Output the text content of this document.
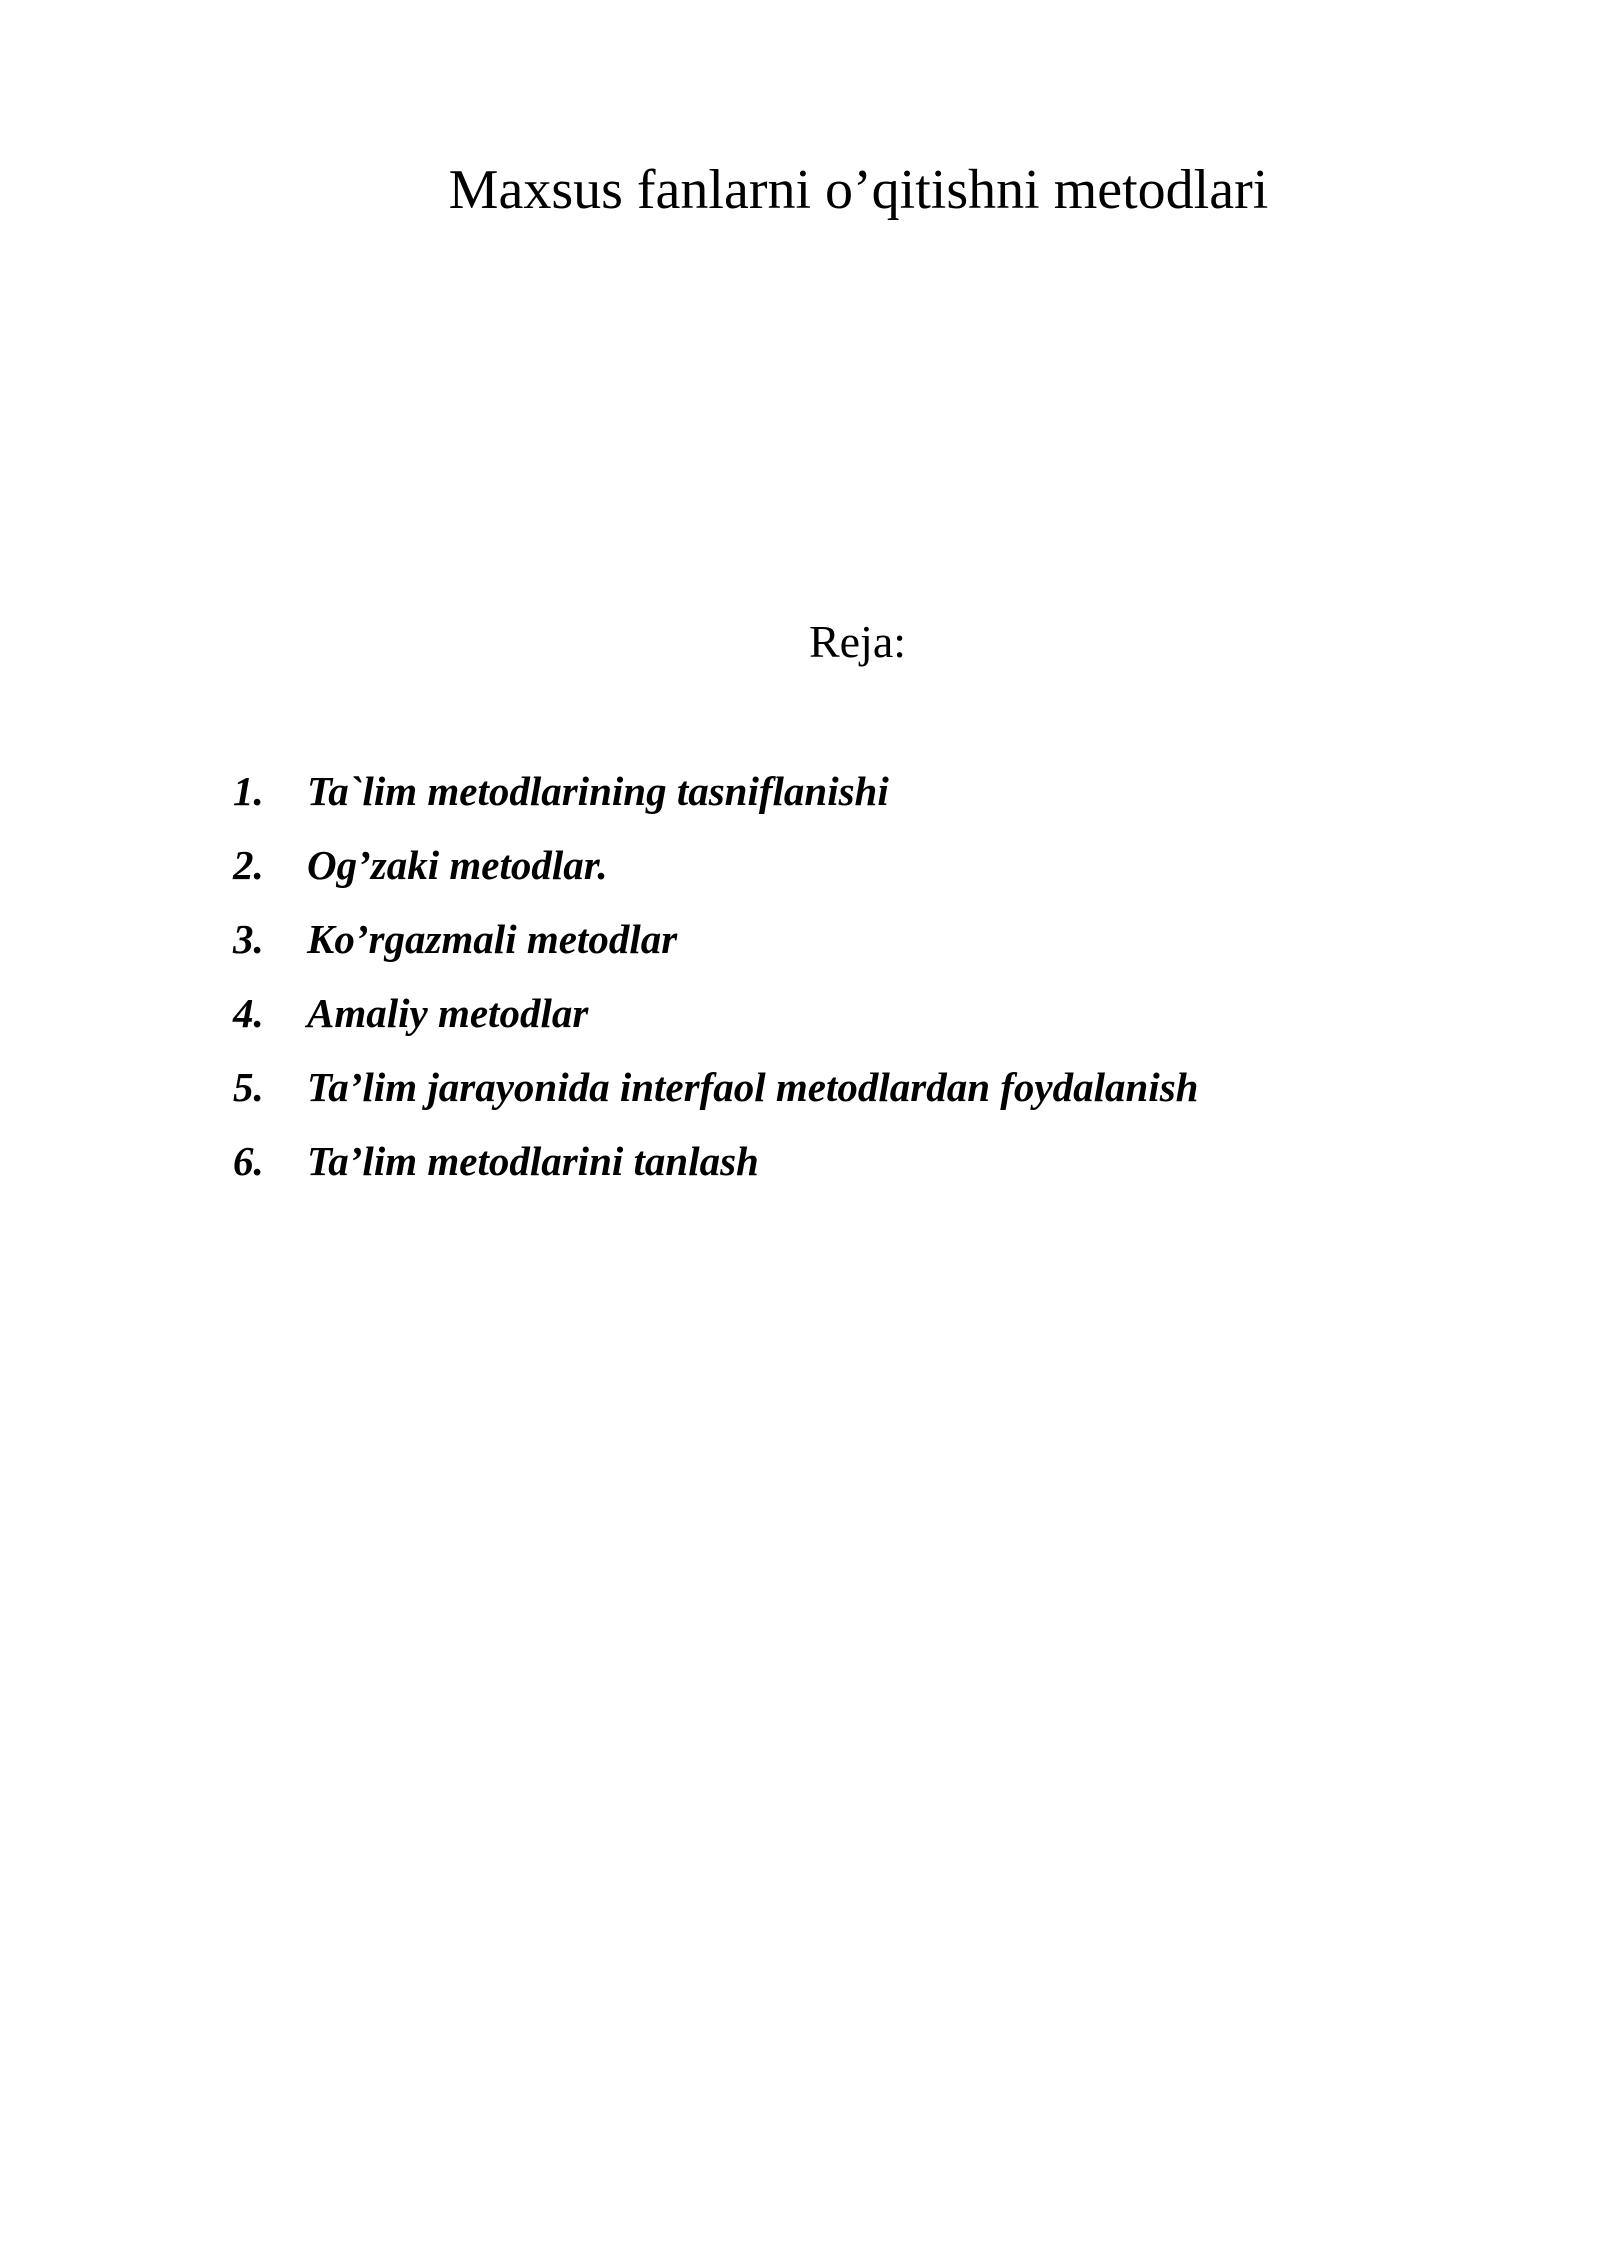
Maxsus fanlarni o’qitishni metodlari
Reja:
1.	Ta`lim metodlarining tasniflanishi
2.	Og’zaki metodlar.
3.	Ko’rgazmali metodlar
4.	Amaliy metodlar
5.	Ta’lim jarayonida interfaol metodlardan foydalanish
6.	Ta’lim metodlarini tanlash
